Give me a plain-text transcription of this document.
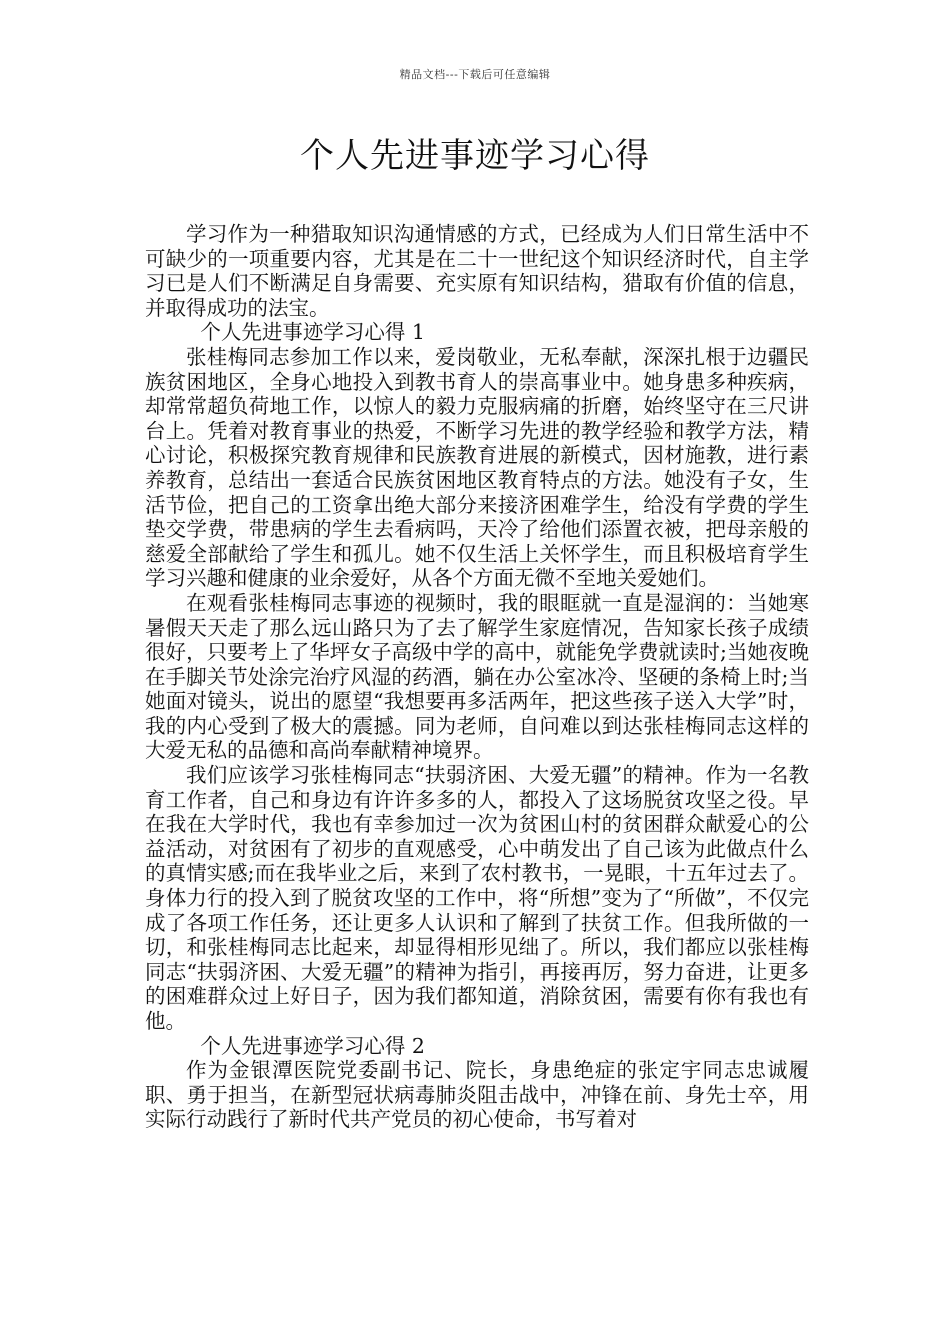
精品文档---下载后可任意编辑
个人先进事迹学习心得

学习作为一种猎取知识沟通情感的方式，已经成为人们日常生活中不可缺少的一项重要内容，尤其是在二十一世纪这个知识经济时代，自主学习已是人们不断满足自身需要、充实原有知识结构，猎取有价值的信息，并取得成功的法宝。

个人先进事迹学习心得 1

张桂梅同志参加工作以来，爱岗敬业，无私奉献，深深扎根于边疆民族贫困地区，全身心地投入到教书育人的崇高事业中。她身患多种疾病，却常常超负荷地工作，以惊人的毅力克服病痛的折磨，始终坚守在三尺讲台上。凭着对教育事业的热爱，不断学习先进的教学经验和教学方法，精心讨论，积极探究教育规律和民族教育进展的新模式，因材施教，进行素养教育，总结出一套适合民族贫困地区教育特点的方法。她没有子女，生活节俭，把自己的工资拿出绝大部分来接济困难学生，给没有学费的学生垫交学费，带患病的学生去看病吗，天冷了给他们添置衣被，把母亲般的慈爱全部献给了学生和孤儿。她不仅生活上关怀学生，而且积极培育学生学习兴趣和健康的业余爱好，从各个方面无微不至地关爱她们。

在观看张桂梅同志事迹的视频时，我的眼眶就一直是湿润的：当她寒暑假天天走了那么远山路只为了去了解学生家庭情况，告知家长孩子成绩很好，只要考上了华坪女子高级中学的高中，就能免学费就读时;当她夜晚在手脚关节处涂完治疗风湿的药酒，躺在办公室冰冷、坚硬的条椅上时;当她面对镜头，说出的愿望“我想要再多活两年，把这些孩子送入大学”时，我的内心受到了极大的震撼。同为老师，自问难以到达张桂梅同志这样的大爱无私的品德和高尚奉献精神境界。

我们应该学习张桂梅同志“扶弱济困、大爱无疆”的精神。作为一名教育工作者，自己和身边有许许多多的人，都投入了这场脱贫攻坚之役。早在我在大学时代，我也有幸参加过一次为贫困山村的贫困群众献爱心的公益活动，对贫困有了初步的直观感受，心中萌发出了自己该为此做点什么的真情实感;而在我毕业之后，来到了农村教书，一晃眼，十五年过去了。身体力行的投入到了脱贫攻坚的工作中，将“所想”变为了“所做”，不仅完成了各项工作任务，还让更多人认识和了解到了扶贫工作。但我所做的一切，和张桂梅同志比起来，却显得相形见绌了。所以，我们都应以张桂梅同志“扶弱济困、大爱无疆”的精神为指引，再接再厉，努力奋进，让更多的困难群众过上好日子，因为我们都知道，消除贫困，需要有你有我也有他。

个人先进事迹学习心得 2

作为金银潭医院党委副书记、院长，身患绝症的张定宇同志忠诚履职、勇于担当，在新型冠状病毒肺炎阻击战中，冲锋在前、身先士卒，用实际行动践行了新时代共产党员的初心使命，书写着对
